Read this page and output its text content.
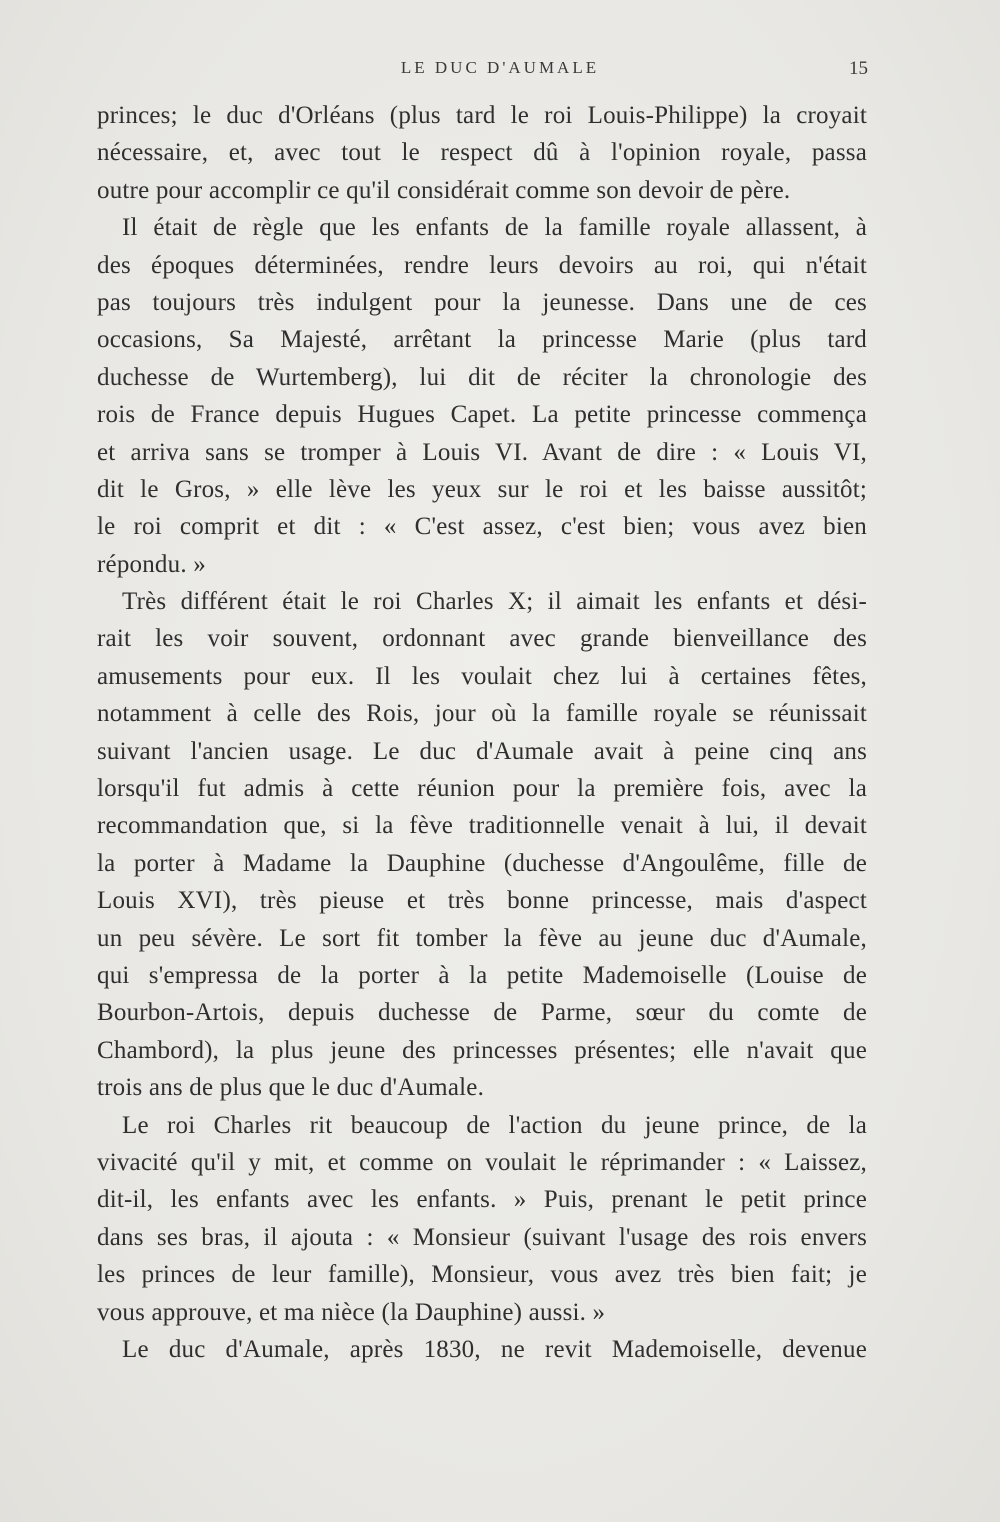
LE DUC D'AUMALE	15
princes; le duc d'Orléans (plus tard le roi Louis-Philippe) la croyait
nécessaire, et, avec tout le respect dû à l'opinion royale, passa
outre pour accomplir ce qu'il considérait comme son devoir de père.
Il était de règle que les enfants de la famille royale allassent, à
des époques déterminées, rendre leurs devoirs au roi, qui n'était
pas toujours très indulgent pour la jeunesse. Dans une de ces
occasions, Sa Majesté, arrêtant la princesse Marie (plus tard
duchesse de Wurtemberg), lui dit de réciter la chronologie des
rois de France depuis Hugues Capet. La petite princesse commença
et arriva sans se tromper à Louis VI. Avant de dire : « Louis VI,
dit le Gros, » elle lève les yeux sur le roi et les baisse aussitôt;
le roi comprit et dit : « C'est assez, c'est bien; vous avez bien
répondu. »
Très différent était le roi Charles X; il aimait les enfants et dési-
rait les voir souvent, ordonnant avec grande bienveillance des
amusements pour eux. Il les voulait chez lui à certaines fêtes,
notamment à celle des Rois, jour où la famille royale se réunissait
suivant l'ancien usage. Le duc d'Aumale avait à peine cinq ans
lorsqu'il fut admis à cette réunion pour la première fois, avec la
recommandation que, si la fève traditionnelle venait à lui, il devait
la porter à Madame la Dauphine (duchesse d'Angoulême, fille de
Louis XVI), très pieuse et très bonne princesse, mais d'aspect
un peu sévère. Le sort fit tomber la fève au jeune duc d'Aumale,
qui s'empressa de la porter à la petite Mademoiselle (Louise de
Bourbon-Artois, depuis duchesse de Parme, sœur du comte de
Chambord), la plus jeune des princesses présentes; elle n'avait que
trois ans de plus que le duc d'Aumale.
Le roi Charles rit beaucoup de l'action du jeune prince, de la
vivacité qu'il y mit, et comme on voulait le réprimander : « Laissez,
dit-il, les enfants avec les enfants. » Puis, prenant le petit prince
dans ses bras, il ajouta : « Monsieur (suivant l'usage des rois envers
les princes de leur famille), Monsieur, vous avez très bien fait; je
vous approuve, et ma nièce (la Dauphine) aussi. »
Le duc d'Aumale, après 1830, ne revit Mademoiselle, devenue
